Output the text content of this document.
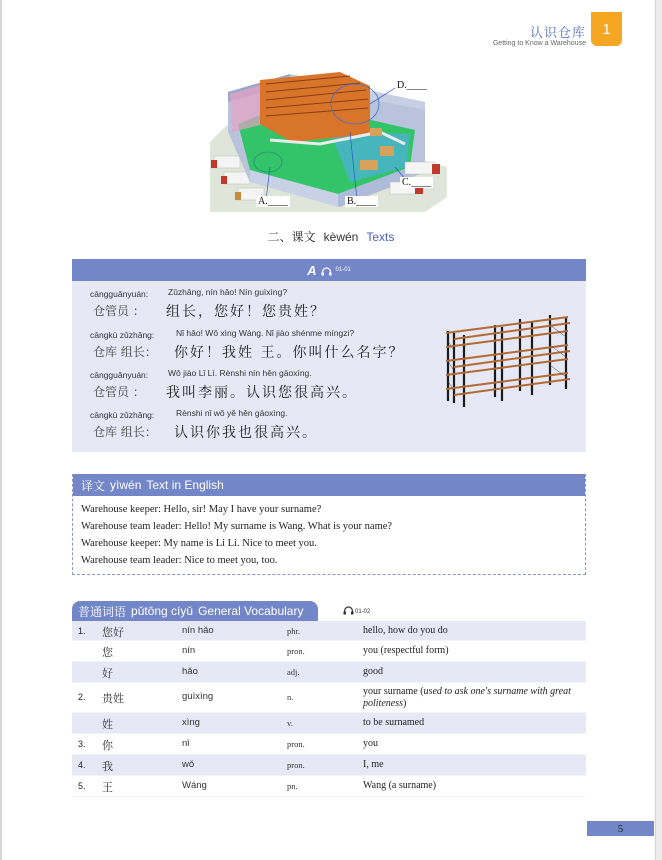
认识仓库
Getting to Know a Warehouse
1
D.____
C.____
A.____	B.____
二、课文 kèwén Texts
A	01-01
cāngguǎnyuán:
仓管员 ：
Zǔzhǎng, nín hǎo! Nín guìxìng?
组长，您好！您贵姓？
cāngkù zǔzhǎng:
仓库 组长：
Nǐ hǎo! Wǒ xìng Wáng. Nǐ jiào shénme míngzi?
你好！我姓 王。你叫什么名字？
cāngguǎnyuán:
仓管员 ：
Wǒ jiào Lǐ Lì. Rènshi nín hěn gāoxìng.
我叫李丽。认识您很高兴。
cāngkù zǔzhǎng:
仓库 组长：
Rènshi nǐ wǒ yě hěn gāoxìng.
认识你我也很高兴。
译文 yìwén Text in English
Warehouse keeper: Hello, sir! May I have your surname?
Warehouse team leader: Hello! My surname is Wang. What is your name?
Warehouse keeper: My name is Li Li. Nice to meet you.
Warehouse team leader: Nice to meet you, too.
普通词语 pǔtōng cíyǔ General Vocabulary	01-02
1. 您好	nín hǎo	phr.	hello, how do you do
您	nín	pron.	you (respectful form)
好	hǎo	adj.	good
2. 贵姓	guìxìng	n.	your surname (used to ask one's surname with great politeness)
姓	xìng	v.	to be surnamed
3. 你	nǐ	pron.	you
4. 我	wǒ	pron.	I, me
5. 王	Wáng	pn.	Wang (a surname)
5
